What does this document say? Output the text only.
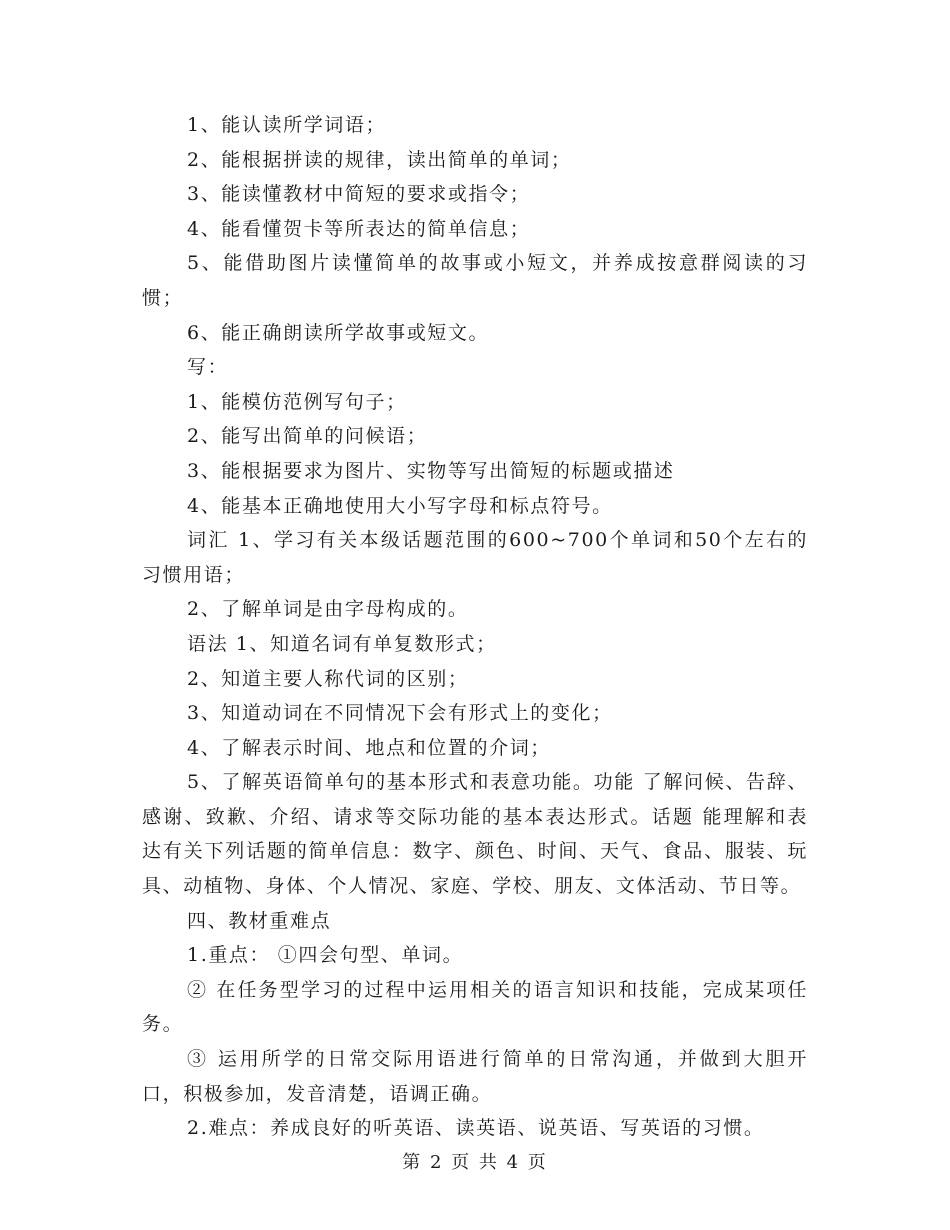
1、能认读所学词语；

2、能根据拼读的规律，读出简单的单词；

3、能读懂教材中简短的要求或指令；

4、能看懂贺卡等所表达的简单信息；

5、能借助图片读懂简单的故事或小短文，并养成按意群阅读的习惯；

6、能正确朗读所学故事或短文。

写：

1、能模仿范例写句子；

2、能写出简单的问候语；

3、能根据要求为图片、实物等写出简短的标题或描述

4、能基本正确地使用大小写字母和标点符号。

词汇 1、学习有关本级话题范围的600~700个单词和50个左右的习惯用语；

2、了解单词是由字母构成的。

语法 1、知道名词有单复数形式；

2、知道主要人称代词的区别；

3、知道动词在不同情况下会有形式上的变化；

4、了解表示时间、地点和位置的介词；

5、了解英语简单句的基本形式和表意功能。功能 了解问候、告辞、感谢、致歉、介绍、请求等交际功能的基本表达形式。话题 能理解和表达有关下列话题的简单信息：数字、颜色、时间、天气、食品、服装、玩具、动植物、身体、个人情况、家庭、学校、朋友、文体活动、节日等。

四、教材重难点

1.重点： ①四会句型、单词。

② 在任务型学习的过程中运用相关的语言知识和技能，完成某项任务。

③ 运用所学的日常交际用语进行简单的日常沟通，并做到大胆开口，积极参加，发音清楚，语调正确。

2.难点：养成良好的听英语、读英语、说英语、写英语的习惯。

第 2 页 共 4 页
